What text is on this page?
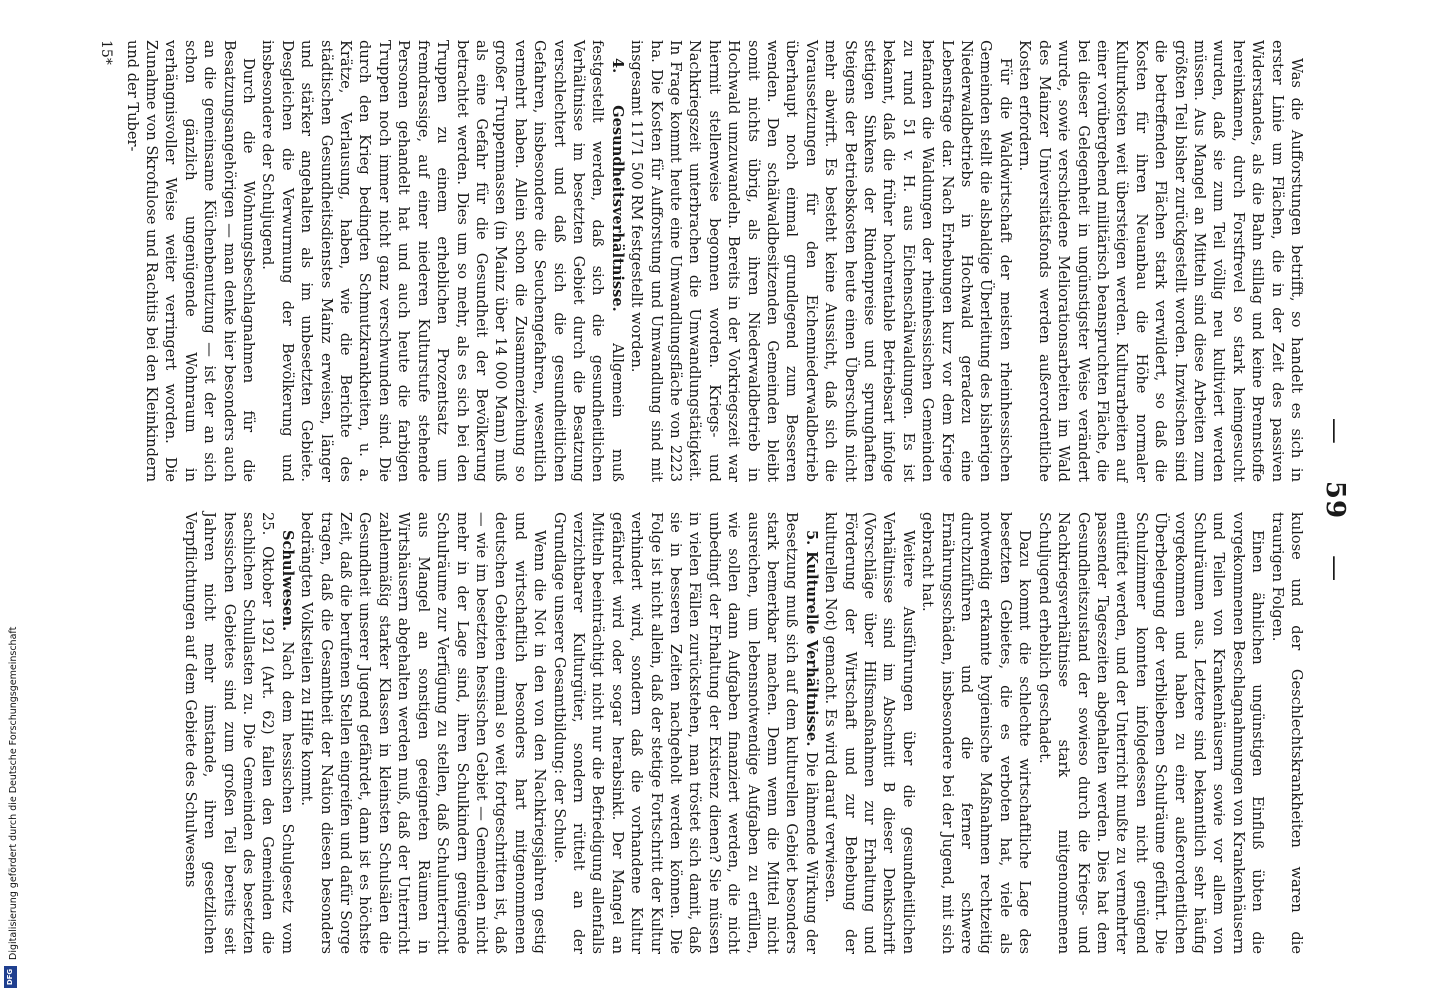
Digitalisierung gefördert durch die Deutsche Forschungsgemeinschaft
DFG
— 59 —

Was die Aufforstungen betrifft, so handelt es sich in erster Linie um Flächen, die in der Zeit des passiven Widerstandes, als die Bahn stillag und keine Brennstoffe hereinkamen, durch Forstfrevel so stark heimgesucht wurden, daß sie zum Teil völlig neu kultiviert werden müssen. Aus Mangel an Mitteln sind diese Arbeiten zum größten Teil bisher zurückgestellt worden. Inzwischen sind die betreffenden Flächen stark verwildert, so daß die Kosten für ihren Neuanbau die Höhe normaler Kulturkosten weit übersteigen werden. Kulturarbeiten auf einer vorübergehend militärisch beanspruchten Fläche, die bei dieser Gelegenheit in ungünstigster Weise verändert wurde, sowie verschiedene Meliorationsarbeiten im Wald des Mainzer Universitätsfonds werden außerordentliche Kosten erfordern.

Für die Waldwirtschaft der meisten rheinhessischen Gemeinden stellt die alsbaldige Überleitung des bisherigen Niederwaldbetriebs in Hochwald geradezu eine Lebensfrage dar. Nach Erhebungen kurz vor dem Kriege befanden die Waldungen der rheinhessischen Gemeinden zu rund 51 v. H. aus Eichenschälwaldungen. Es ist bekannt, daß die früher hochrentable Betriebsart infolge stetigen Sinkens der Rindenpreise und sprunghaften Steigens der Betriebskosten heute einen Überschuß nicht mehr abwirft. Es besteht keine Aussicht, daß sich die Voraussetzungen für den Eichenniederwaldbetrieb überhaupt noch einmal grundlegend zum Besseren wenden. Den schälwaldbesitzenden Gemeinden bleibt somit nichts übrig, als ihren Niederwaldbetrieb in Hochwald umzuwandeln. Bereits in der Vorkriegszeit war hiermit stellenweise begonnen worden. Kriegs- und Nachkriegszeit unterbrachen die Umwandlungstätigkeit. In Frage kommt heute eine Umwandlungsfläche von 2223 ha. Die Kosten für Aufforstung und Umwandlung sind mit insgesamt 1171 500 RM festgestellt worden.

4. Gesundheitsverhältnisse. Allgemein muß festgestellt werden, daß sich die gesundheitlichen Verhältnisse im besetzten Gebiet durch die Besatzung verschlechtert und daß sich die gesundheitlichen Gefahren, insbesondere die Seuchengefahren, wesentlich vermehrt haben. Allein schon die Zusammenziehung so großer Truppenmassen (in Mainz über 14 000 Mann) muß als eine Gefahr für die Gesundheit der Bevölkerung betrachtet werden. Dies um so mehr, als es sich bei den Truppen zu einem erheblichen Prozentsatz um fremdrassige, auf einer niederen Kulturstufe stehende Personen gehandelt hat und auch heute die farbigen Truppen noch immer nicht ganz verschwunden sind. Die durch den Krieg bedingten Schmutzkrankheiten, u. a. Krätze, Verlausung, haben, wie die Berichte des städtischen Gesundheitsdienstes Mainz erweisen, länger und stärker angehalten als im unbesetzten Gebiete. Desgleichen die Verwurmung der Bevölkerung und insbesondere der Schuljugend.

Durch die Wohnungsbeschlagnahmen für die Besatzungsangehörigen — man denke hier besonders auch an die gemeinsame Küchenbenutzung — ist der an sich schon gänzlich ungenügende Wohnraum in verhängnisvoller Weise weiter verringert worden. Die Zunahme von Skrofulose und Rachitis bei den Kleinkindern und der Tuber-

kulose und der Geschlechtskrankheiten waren die traurigen Folgen.

Einen ähnlichen ungünstigen Einfluß übten die vorgekommenen Beschlagnahmungen von Krankenhäusern und Teilen von Krankenhäusern sowie vor allem von Schulräumen aus. Letztere sind bekanntlich sehr häufig vorgekommen und haben zu einer außerordentlichen Überbelegung der verbliebenen Schulräume geführt. Die Schulzimmer konnten infolgedessen nicht genügend entlüftet werden, und der Unterricht mußte zu vermehrter passender Tageszeiten abgehalten werden. Dies hat dem Gesundheitszustand der sowieso durch die Kriegs- und Nachkriegsverhältnisse stark mitgenommenen Schuljugend erheblich geschadet.

Dazu kommt die schlechte wirtschaftliche Lage des besetzten Gebietes, die es verboten hat, viele als notwendig erkannte hygienische Maßnahmen rechtzeitig durchzuführen und die ferner schwere Ernährungsschäden, insbesondere bei der Jugend, mit sich gebracht hat.

Weitere Ausführungen über die gesundheitlichen Verhältnisse sind im Abschnitt B dieser Denkschrift (Vorschläge über Hilfsmaßnahmen zur Erhaltung und Förderung der Wirtschaft und zur Behebung der kulturellen Not) gemacht. Es wird darauf verwiesen.

5. Kulturelle Verhältnisse. Die lähmende Wirkung der Besetzung muß sich auf dem kulturellen Gebiet besonders stark bemerkbar machen. Denn wenn die Mittel nicht ausreichen, um lebensnotwendige Aufgaben zu erfüllen, wie sollen dann Aufgaben finanziert werden, die nicht unbedingt der Erhaltung der Existenz dienen? Sie müssen in vielen Fällen zurückstehen, man tröstet sich damit, daß sie in besseren Zeiten nachgeholt werden können. Die Folge ist nicht allein, daß der stetige Fortschritt der Kultur verhindert wird, sondern daß die vorhandene Kultur gefährdet wird oder sogar herabsinkt. Der Mangel an Mitteln beeinträchtigt nicht nur die Befriedigung allenfalls verzichtbarer Kulturgüter, sondern rüttelt an der Grundlage unserer Gesamtbildung: der Schule.

Wenn die Not in den von den Nachkriegsjahren gestig und wirtschaftlich besonders hart mitgenommenen deutschen Gebieten einmal so weit fortgeschritten ist, daß — wie im besetzten hessischen Gebiet — Gemeinden nicht mehr in der Lage sind, ihren Schulkindern genügende Schulräume zur Verfügung zu stellen, daß Schulunterricht aus Mangel an sonstigen geeigneten Räumen in Wirtshäusern abgehalten werden muß, daß der Unterricht zahlenmäßig starker Klassen in kleinsten Schulsälen die Gesundheit unserer Jugend gefährdet, dann ist es höchste Zeit, daß die berufenen Stellen eingreifen und dafür Sorge tragen, daß die Gesamtheit der Nation diesen besonders bedrängten Volksteilen zu Hilfe kommt.

Schulwesen. Nach dem hessischen Schulgesetz vom 25. Oktober 1921 (Art. 62) fallen den Gemeinden die sachlichen Schullasten zu. Die Gemeinden des besetzten hessischen Gebietes sind zum großen Teil bereits seit Jahren nicht mehr imstande, ihren gesetzlichen Verpflichtungen auf dem Gebiete des Schulwesens

15*
